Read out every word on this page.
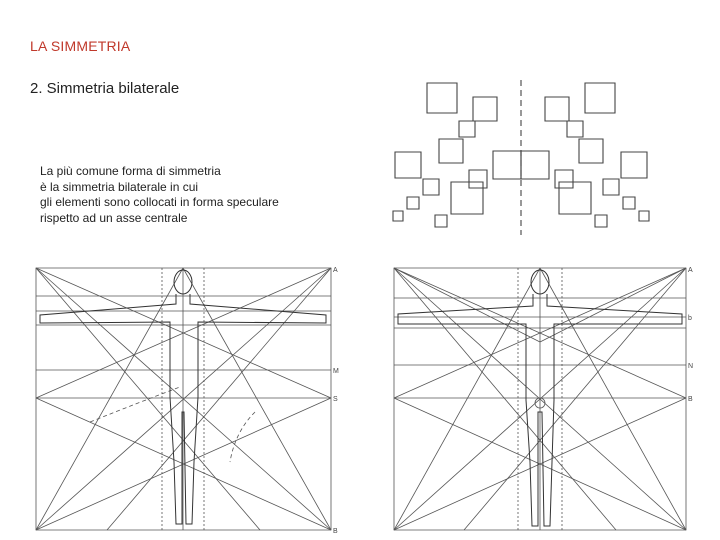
LA SIMMETRIA
2. Simmetria bilaterale
La più comune forma di simmetria
è la simmetria bilaterale in cui
gli elementi sono collocati in forma speculare
rispetto ad un asse centrale
A
M
S
B
A
b
N
B
